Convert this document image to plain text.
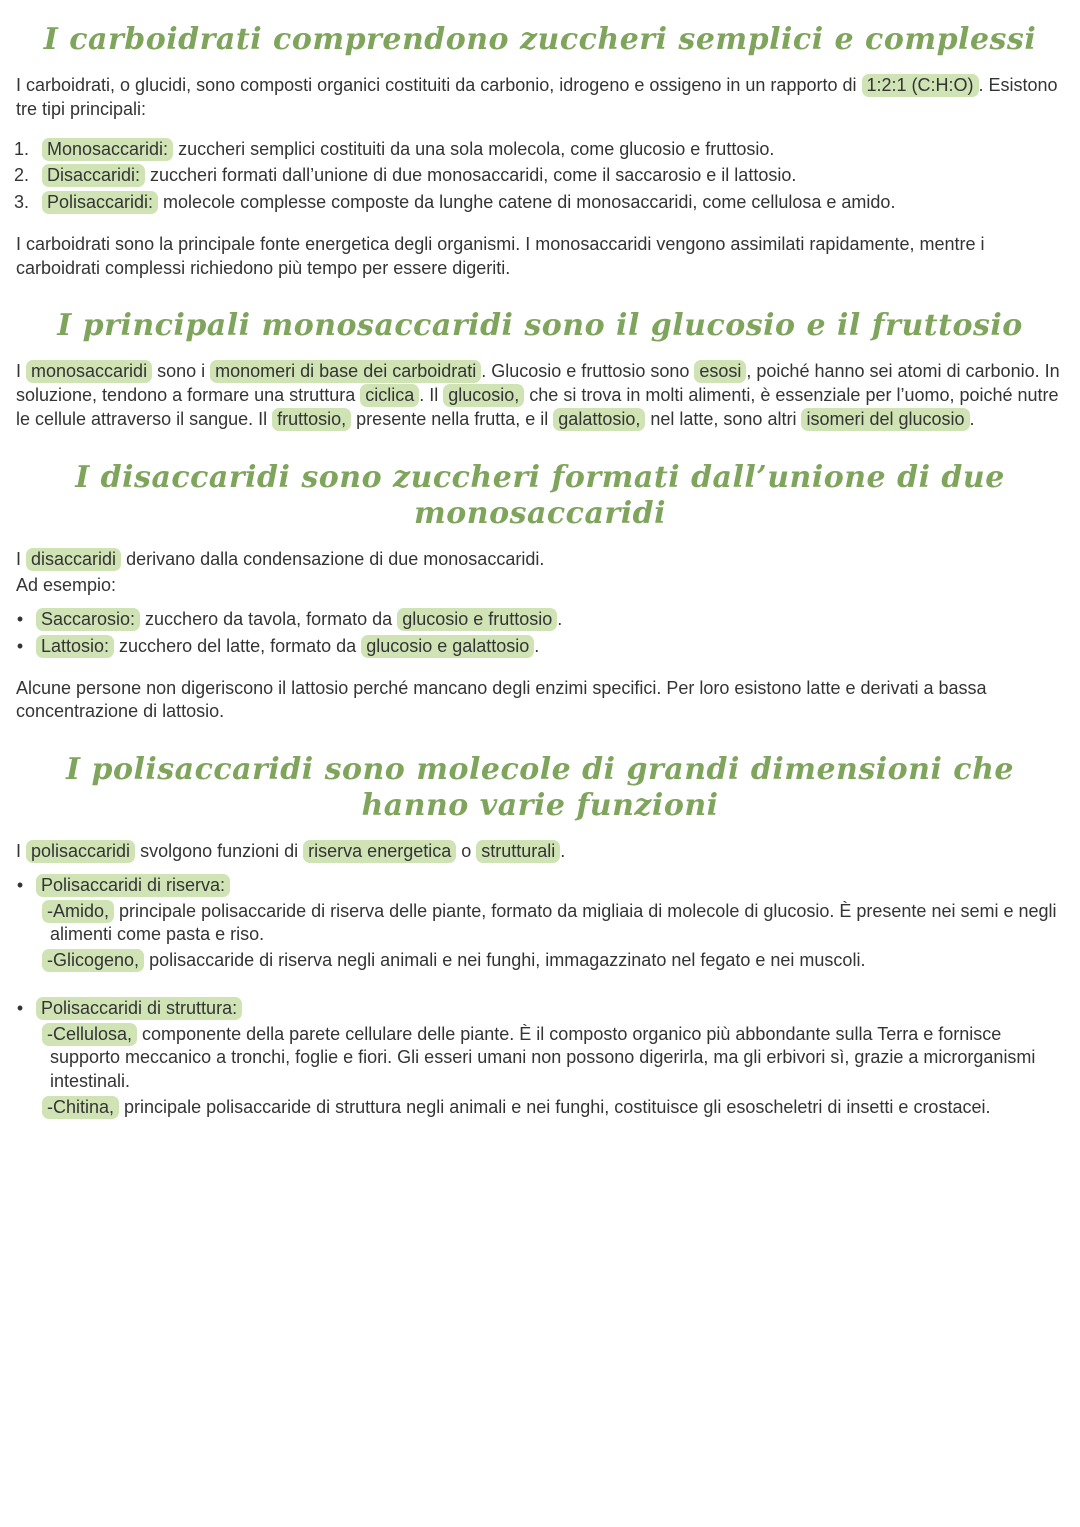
I carboidrati comprendono zuccheri semplici e complessi

I carboidrati, o glucidi, sono composti organici costituiti da carbonio, idrogeno e ossigeno in un rapporto di 1:2:1 (C:H:O) . Esistono tre tipi principali:

1. Monosaccaridi: zuccheri semplici costituiti da una sola molecola, come glucosio e fruttosio.
2. Disaccaridi: zuccheri formati dall’unione di due monosaccaridi, come il saccarosio e il lattosio.
3. Polisaccaridi: molecole complesse composte da lunghe catene di monosaccaridi, come cellulosa e amido.

I carboidrati sono la principale fonte energetica degli organismi. I monosaccaridi vengono assimilati rapidamente, mentre i carboidrati complessi richiedono più tempo per essere digeriti.

I principali monosaccaridi sono il glucosio e il fruttosio

I monosaccaridi sono i monomeri di base dei carboidrati . Glucosio e fruttosio sono esosi , poiché hanno sei atomi di carbonio. In soluzione, tendono a formare una struttura ciclica . Il glucosio, che si trova in molti alimenti, è essenziale per l’uomo, poiché nutre le cellule attraverso il sangue. Il fruttosio, presente nella frutta, e il galattosio, nel latte, sono altri isomeri del glucosio .

I disaccaridi sono zuccheri formati dall’unione di due monosaccaridi

I disaccaridi derivano dalla condensazione di due monosaccaridi.

Ad esempio:

• Saccarosio: zucchero da tavola, formato da glucosio e fruttosio .
• Lattosio: zucchero del latte, formato da glucosio e galattosio .

Alcune persone non digeriscono il lattosio perché mancano degli enzimi specifici. Per loro esistono latte e derivati a bassa concentrazione di lattosio.

I polisaccaridi sono molecole di grandi dimensioni che hanno varie funzioni

I polisaccaridi svolgono funzioni di riserva energetica o strutturali .

• Polisaccaridi di riserva:
-Amido, principale polisaccaride di riserva delle piante, formato da migliaia di molecole di glucosio. È presente nei semi e negli alimenti come pasta e riso.
-Glicogeno, polisaccaride di riserva negli animali e nei funghi, immagazzinato nel fegato e nei muscoli.
• Polisaccaridi di struttura:
-Cellulosa, componente della parete cellulare delle piante. È il composto organico più abbondante sulla Terra e fornisce supporto meccanico a tronchi, foglie e fiori. Gli esseri umani non possono digerirla, ma gli erbivori sì, grazie a microrganismi intestinali.
-Chitina, principale polisaccaride di struttura negli animali e nei funghi, costituisce gli esoscheletri di insetti e crostacei.
